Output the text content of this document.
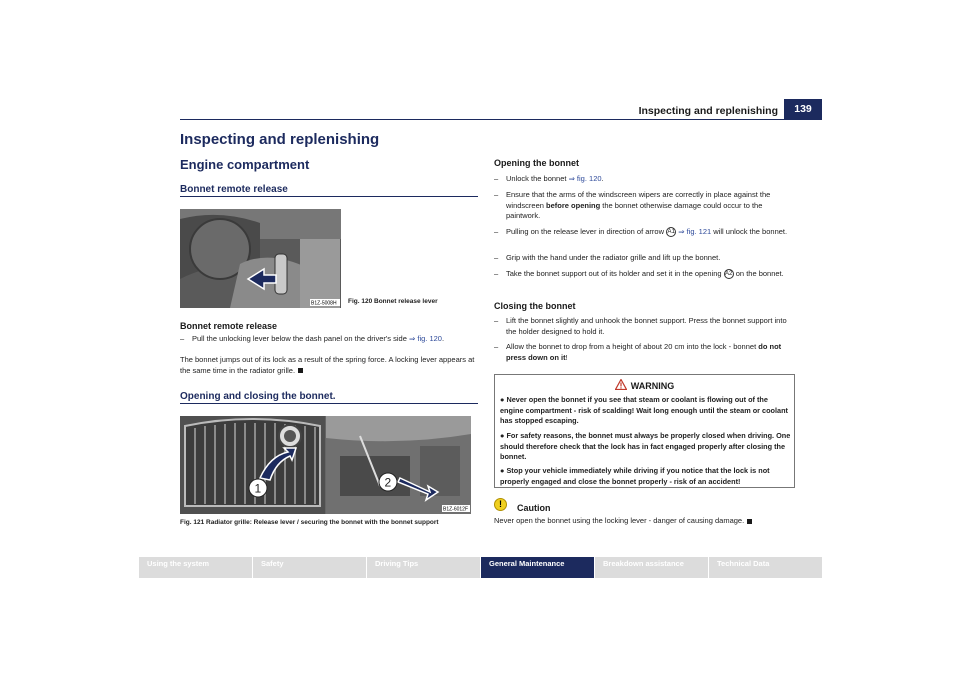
Inspecting and replenishing	139
Inspecting and replenishing
Engine compartment
Bonnet remote release
B1Z-5008H Fig. 120 Bonnet release lever
Bonnet remote release
– Pull the unlocking lever below the dash panel on the driver's side ⇒ fig. 120.
The bonnet jumps out of its lock as a result of the spring force. A locking lever appears at the same time in the radiator grille.
Opening and closing the bonnet.
1	2
B1Z-6012F
Fig. 121 Radiator grille: Release lever / securing the bonnet with the bonnet support
Opening the bonnet
– Unlock the bonnet ⇒ fig. 120.
– Ensure that the arms of the windscreen wipers are correctly in place against the windscreen before opening the bonnet otherwise damage could occur to the paintwork.
– Pulling on the release lever in direction of arrow A1 ⇒ fig. 121 will unlock the bonnet.
– Grip with the hand under the radiator grille and lift up the bonnet.
– Take the bonnet support out of its holder and set it in the opening A2 on the bonnet.
Closing the bonnet
– Lift the bonnet slightly and unhook the bonnet support. Press the bonnet support into the holder designed to hold it.
– Allow the bonnet to drop from a height of about 20 cm into the lock - bonnet do not press down on it!
WARNING
● Never open the bonnet if you see that steam or coolant is flowing out of the engine compartment - risk of scalding! Wait long enough until the steam or coolant has stopped escaping.
● For safety reasons, the bonnet must always be properly closed when driving. One should therefore check that the lock has in fact engaged properly after closing the bonnet.
● Stop your vehicle immediately while driving if you notice that the lock is not properly engaged and close the bonnet properly - risk of an accident!
!	Caution
Never open the bonnet using the locking lever - danger of causing damage.
Using the system	Safety	Driving Tips	General Maintenance	Breakdown assistance	Technical Data
